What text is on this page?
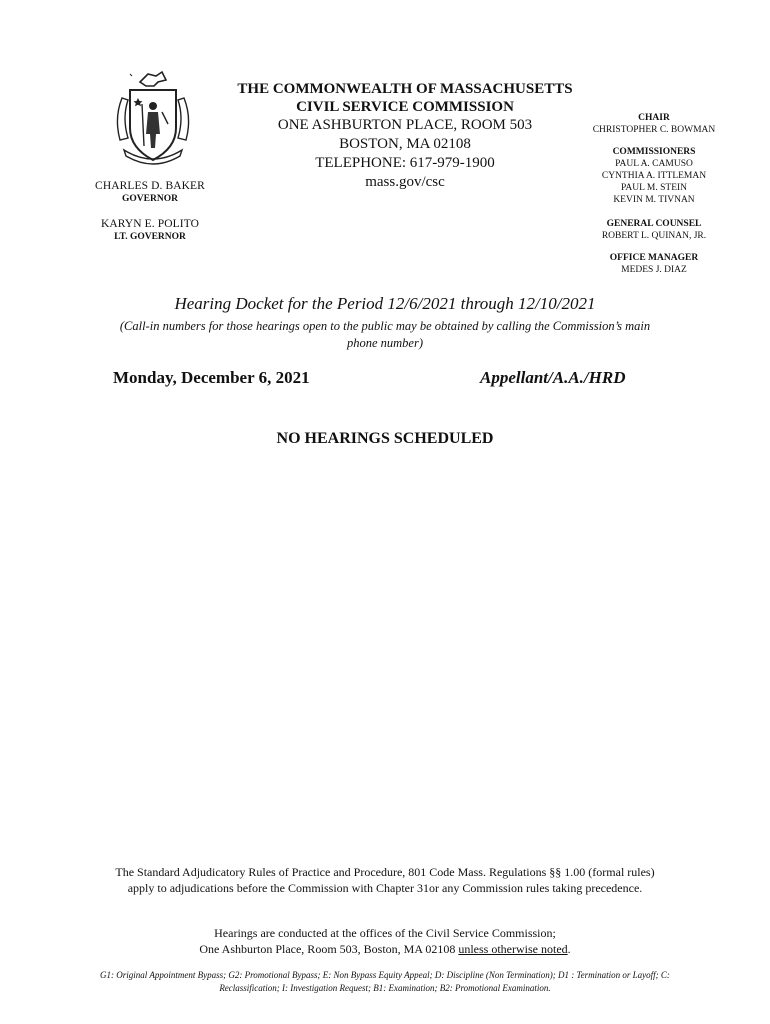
CHARLES D. BAKER
GOVERNOR
KARYN E. POLITO
LT. GOVERNOR
THE COMMONWEALTH OF MASSACHUSETTS
CIVIL SERVICE COMMISSION
ONE ASHBURTON PLACE, ROOM 503
BOSTON, MA 02108
TELEPHONE: 617-979-1900
mass.gov/csc
CHAIR
CHRISTOPHER C. BOWMAN
COMMISSIONERS
PAUL A. CAMUSO
CYNTHIA A. ITTLEMAN
PAUL M. STEIN
KEVIN M. TIVNAN
GENERAL COUNSEL
ROBERT L. QUINAN, JR.
OFFICE MANAGER
MEDES J. DIAZ
Hearing Docket for the Period 12/6/2021 through 12/10/2021
(Call-in numbers for those hearings open to the public may be obtained by calling the Commission’s main phone number)
Monday, December 6, 2021	Appellant/A.A./HRD
NO HEARINGS SCHEDULED
The Standard Adjudicatory Rules of Practice and Procedure, 801 Code Mass. Regulations §§ 1.00 (formal rules) apply to adjudications before the Commission with Chapter 31or any Commission rules taking precedence.
Hearings are conducted at the offices of the Civil Service Commission;
One Ashburton Place, Room 503, Boston, MA 02108 unless otherwise noted.
G1: Original Appointment Bypass; G2: Promotional Bypass; E: Non Bypass Equity Appeal; D: Discipline (Non Termination); D1 : Termination or Layoff; C: Reclassification; I: Investigation Request; B1: Examination; B2: Promotional Examination.
